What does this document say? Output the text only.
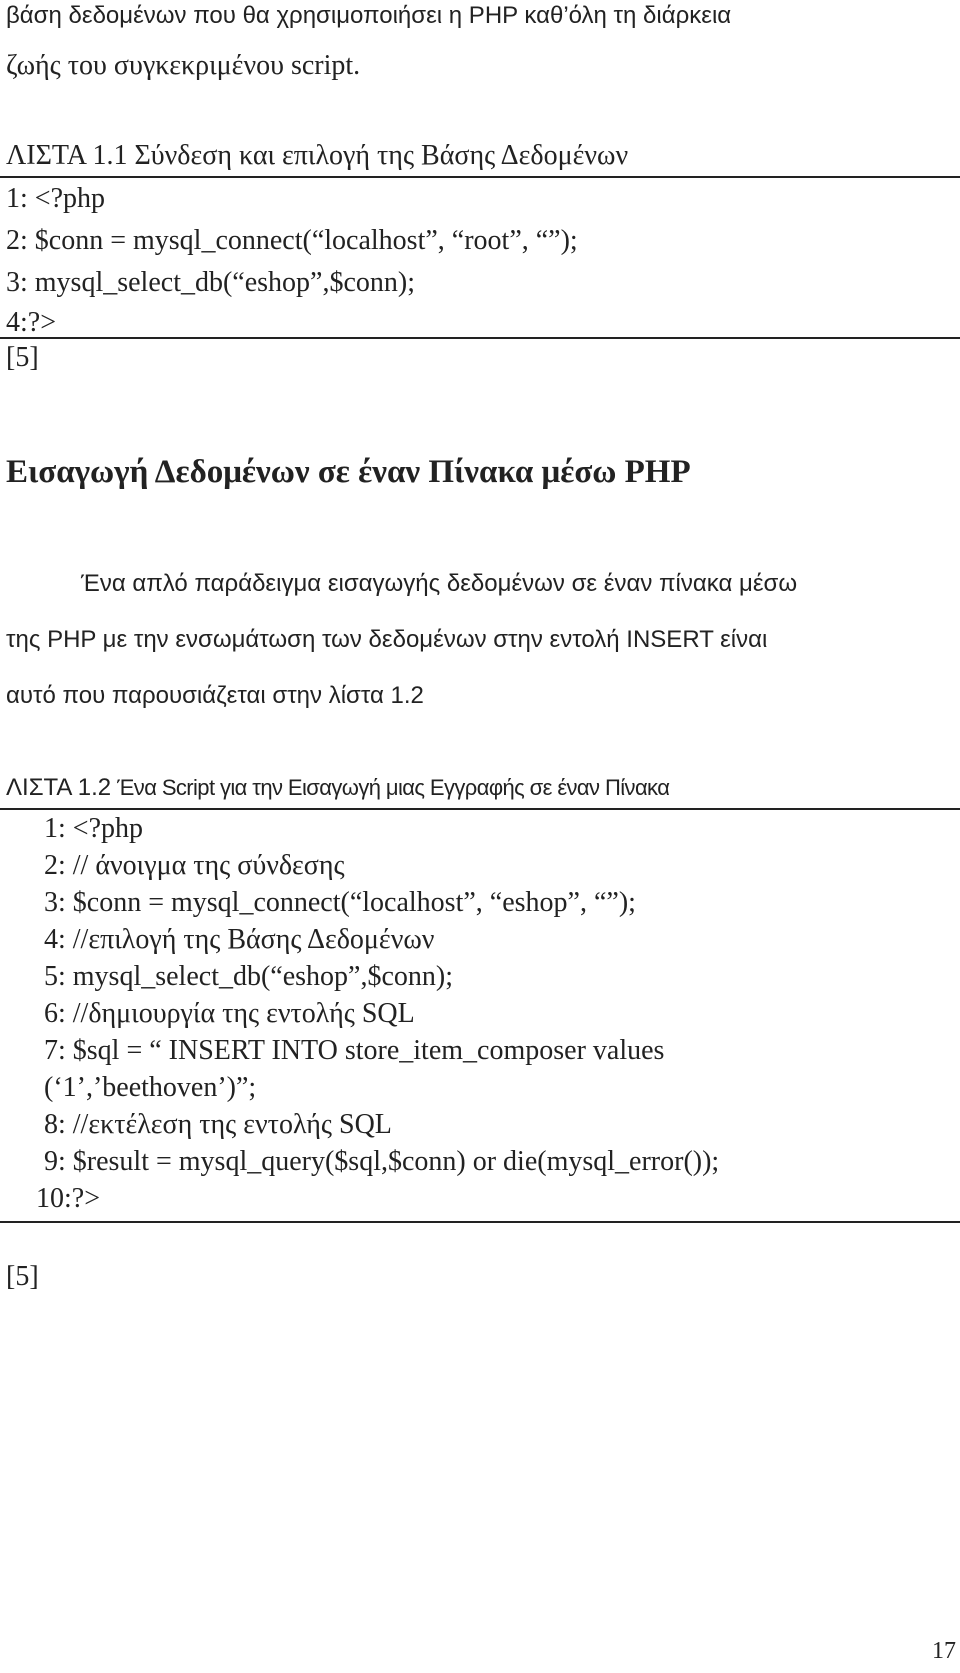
βάση δεδομένων που θα χρησιμοποιήσει η PHP καθ’όλη τη διάρκεια
ζωής του συγκεκριμένου script.
ΛΙΣΤΑ 1.1 Σύνδεση και επιλογή της Βάσης Δεδομένων
1: <?php
2: $conn = mysql_connect(“localhost”, “root”, “”);
3: mysql_select_db(“eshop”,$conn);
4:?>
[5]
Εισαγωγή Δεδομένων σε έναν Πίνακα μέσω PHP
Ένα απλό παράδειγμα εισαγωγής δεδομένων σε έναν πίνακα μέσω
της PHP με την ενσωμάτωση των δεδομένων στην εντολή INSERT είναι
αυτό που παρουσιάζεται στην λίστα 1.2
ΛΙΣΤΑ 1.2 Ένα Script για την Εισαγωγή μιας Εγγραφής σε έναν Πίνακα
1: <?php
2: // άνοιγμα της σύνδεσης
3: $conn = mysql_connect(“localhost”, “eshop”, “”);
4: //επιλογή της Βάσης Δεδομένων
5: mysql_select_db(“eshop”,$conn);
6: //δημιουργία της εντολής SQL
7: $sql = “ INSERT INTO store_item_composer values
(‘1’,’beethoven’)”;
8: //εκτέλεση της εντολής SQL
9: $result = mysql_query($sql,$conn) or die(mysql_error());
10:?>
[5]
17
